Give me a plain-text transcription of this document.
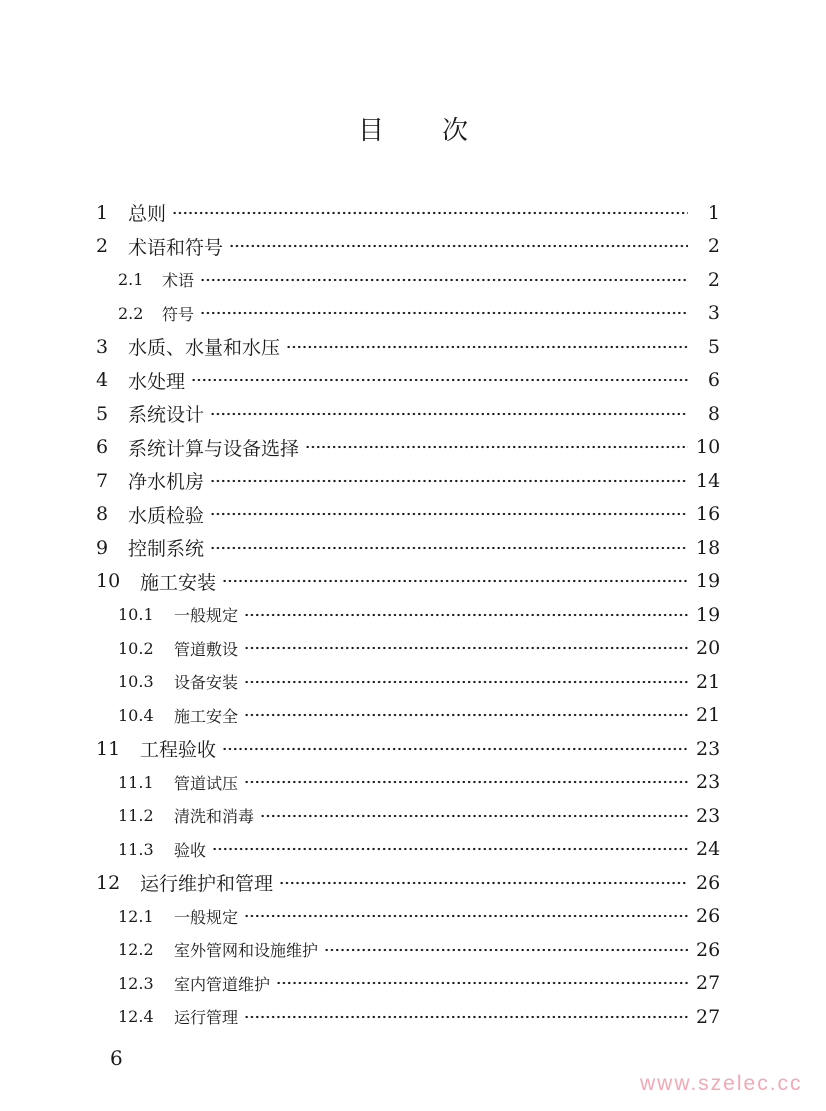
目 次
1	总则	1
2	术语和符号	2
2.1	术语	2
2.2	符号	3
3	水质、水量和水压	5
4	水处理	6
5	系统设计	8
6	系统计算与设备选择	10
7	净水机房	14
8	水质检验	16
9	控制系统	18
10	施工安装	19
10.1	一般规定	19
10.2	管道敷设	20
10.3	设备安装	21
10.4	施工安全	21
11	工程验收	23
11.1	管道试压	23
11.2	清洗和消毒	23
11.3	验收	24
12	运行维护和管理	26
12.1	一般规定	26
12.2	室外管网和设施维护	26
12.3	室内管道维护	27
12.4	运行管理	27
6
www.szelec.cc
